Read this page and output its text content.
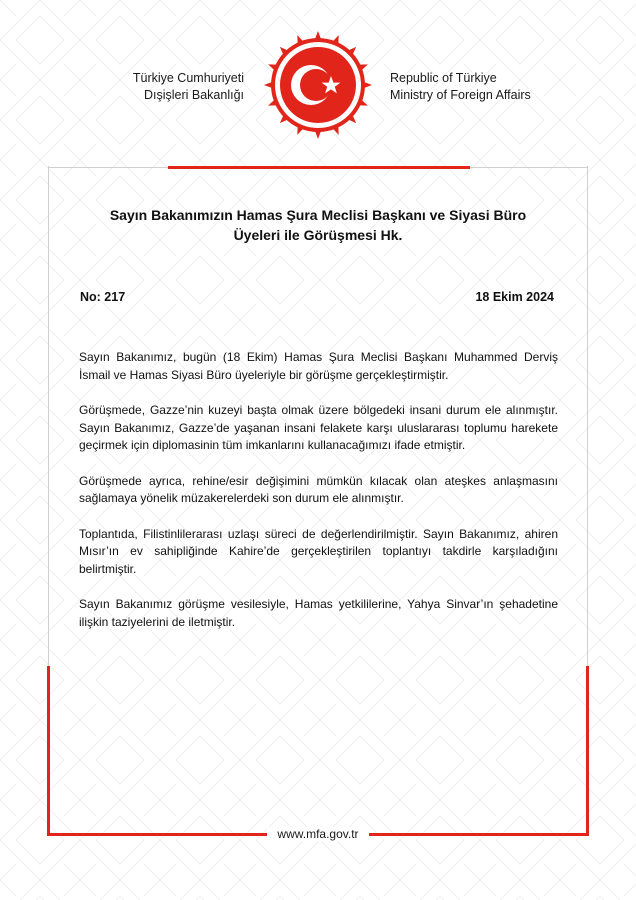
Türkiye Cumhuriyeti
Dışişleri Bakanlığı
Republic of Türkiye
Ministry of Foreign Affairs
Sayın Bakanımızın Hamas Şura Meclisi Başkanı ve Siyasi Büro
Üyeleri ile Görüşmesi Hk.
No: 217	18 Ekim 2024

Sayın Bakanımız, bugün (18 Ekim) Hamas Şura Meclisi Başkanı Muhammed Derviş İsmail ve Hamas Siyasi Büro üyeleriyle bir görüşme gerçekleştirmiştir.

Görüşmede, Gazze’nin kuzeyi başta olmak üzere bölgedeki insani durum ele alınmıştır. Sayın Bakanımız, Gazze’de yaşanan insani felakete karşı uluslararası toplumu harekete geçirmek için diplomasinin tüm imkanlarını kullanacağımızı ifade etmiştir.

Görüşmede ayrıca, rehine/esir değişimini mümkün kılacak olan ateşkes anlaşmasını sağlamaya yönelik müzakerelerdeki son durum ele alınmıştır.

Toplantıda, Filistinlilerarası uzlaşı süreci de değerlendirilmiştir. Sayın Bakanımız, ahiren Mısır’ın ev sahipliğinde Kahire’de gerçekleştirilen toplantıyı takdirle karşıladığını belirtmiştir.

Sayın Bakanımız görüşme vesilesiyle, Hamas yetkililerine, Yahya Sinvar’ın şehadetine ilişkin taziyelerini de iletmiştir.

www.mfa.gov.tr
